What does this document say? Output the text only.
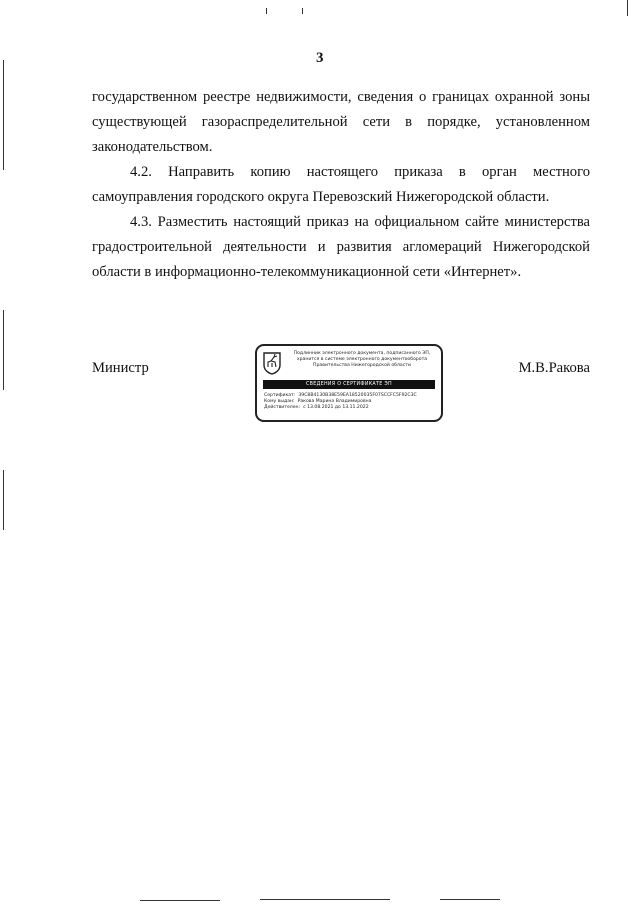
3

государственном реестре недвижимости, сведения о границах охранной зоны существующей газораспределительной сети в порядке, установленном законодательством.

4.2. Направить копию настоящего приказа в орган местного самоуправления городского округа Перевозский Нижегородской области.

4.3. Разместить настоящий приказ на официальном сайте министерства градостроительной деятельности и развития агломераций Нижегородской области в информационно-телекоммуникационной сети «Интернет».

Министр
Подлинник электронного документа, подписанного ЭП,
хранится в системе электронного документооборота
Правительства Нижегородской области
СВЕДЕНИЯ О СЕРТИФИКАТЕ ЭП
Сертификат: 39C8B4130B38E59EA18520035F07SCCFC5F92C3C
Кому выдан: Ракова Марина Владимировна
Действителен: с 13.08.2021 до 13.11.2022
М.В.Ракова
